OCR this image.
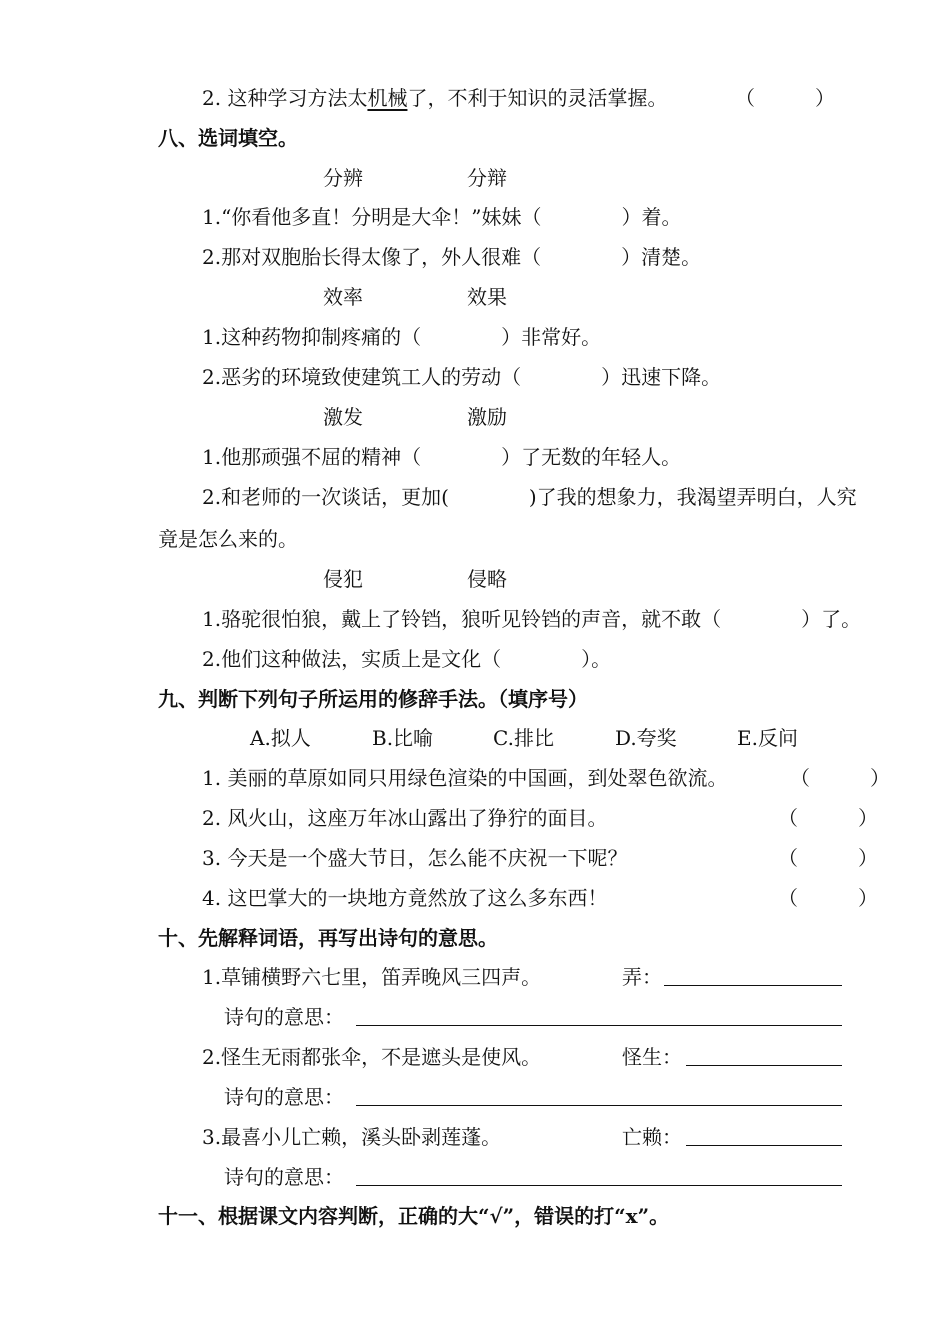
2. 这种学习方法太机械了，不利于知识的灵活掌握。	（　　　）
八、选词填空。
分辨	分辩
1.“你看他多直！分明是大伞！”妹妹（　　　　）着。
2.那对双胞胎长得太像了，外人很难（　　　　）清楚。
效率	效果
1.这种药物抑制疼痛的（　　　　）非常好。
2.恶劣的环境致使建筑工人的劳动（　　　　）迅速下降。
激发	激励
1.他那顽强不屈的精神（　　　　）了无数的年轻人。
2.和老师的一次谈话，更加(　　　　)了我的想象力，我渴望弄明白，人究
竟是怎么来的。
侵犯	侵略
1.骆驼很怕狼，戴上了铃铛，狼听见铃铛的声音，就不敢（　　　　）了。
2.他们这种做法，实质上是文化（　　　　）。
九、判断下列句子所运用的修辞手法。（填序号）
A.拟人	B.比喻	C.排比	D.夸奖	E.反问
1. 美丽的草原如同只用绿色渲染的中国画，到处翠色欲流。	（　　　）
2. 风火山，这座万年冰山露出了狰狞的面目。	（　　　）
3. 今天是一个盛大节日，怎么能不庆祝一下呢？	（　　　）
4. 这巴掌大的一块地方竟然放了这么多东西！	（　　　）
十、先解释词语，再写出诗句的意思。
1.草铺横野六七里，笛弄晚风三四声。	弄：
诗句的意思：
2.怪生无雨都张伞，不是遮头是使风。	怪生：
诗句的意思：
3.最喜小儿亡赖，溪头卧剥莲蓬。	亡赖：
诗句的意思：
十一、根据课文内容判断，正确的大“√”，错误的打“x”。
